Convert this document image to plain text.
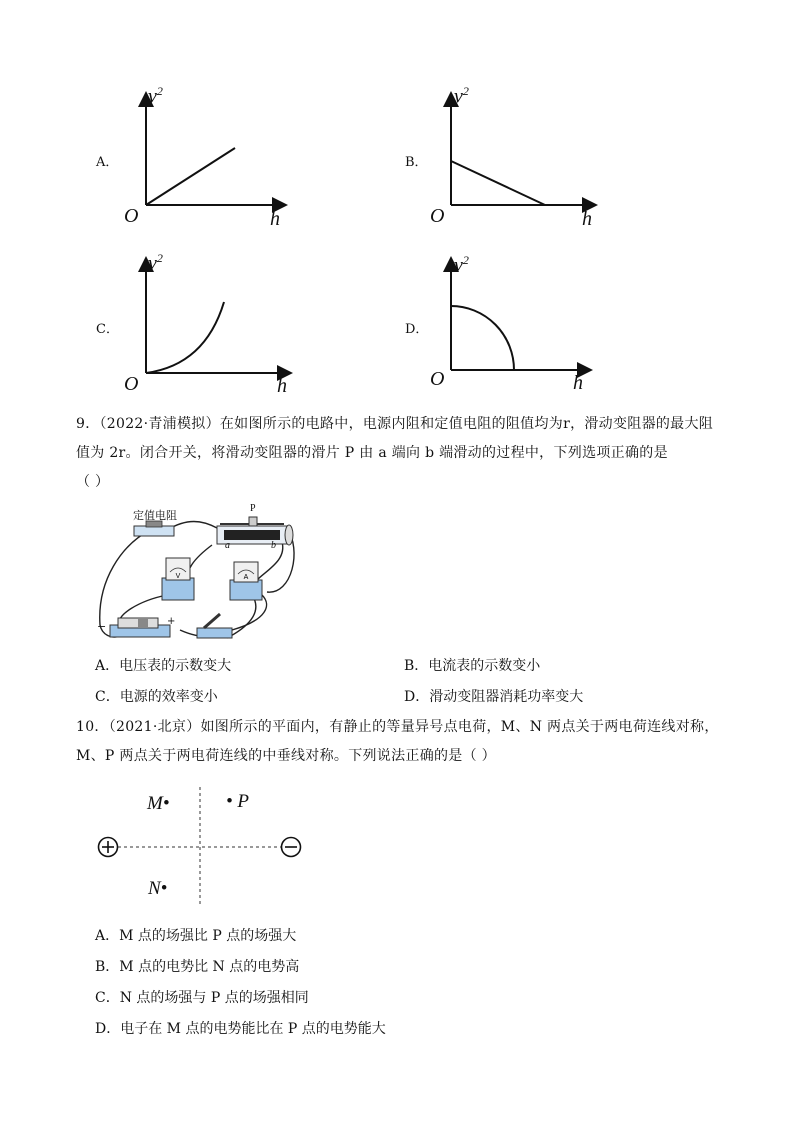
A．
$v^2$
O	h
B．
$v^2$
O	h
C．
$v^2$
O	h
D．
$v^2$
O	h
9．（2022·青浦模拟）在如图所示的电路中，电源内阻和定值电阻的阻值均为r，滑动变阻器的最大阻
值为 2r。闭合开关，将滑动变阻器的滑片 P 由 a 端向 b 端滑动的过程中，下列选项正确的是
（ ）
V	A
定值电阻
P
a	b
−	+
A．电压表的示数变大	B．电流表的示数变小
C．电源的效率变小	D．滑动变阻器消耗功率变大
10．（2021·北京）如图所示的平面内，有静止的等量异号点电荷，M、N 两点关于两电荷连线对称，
M、P 两点关于两电荷连线的中垂线对称。下列说法正确的是（ ）
M•	• P
N•
A．M 点的场强比 P 点的场强大
B．M 点的电势比 N 点的电势高
C．N 点的场强与 P 点的场强相同
D．电子在 M 点的电势能比在 P 点的电势能大
